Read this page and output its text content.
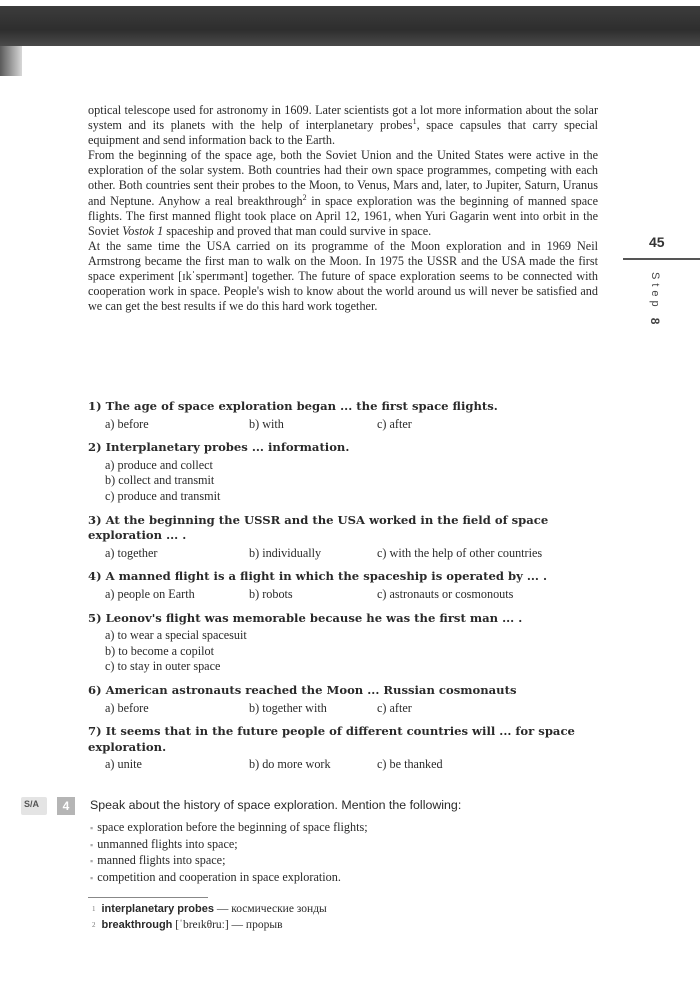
45
Step 8

optical telescope used for astronomy in 1609. Later scientists got a lot more information about the solar system and its planets with the help of interplanetary probes$^1$, space capsules that carry special equipment and send information back to the Earth.

From the beginning of the space age, both the Soviet Union and the United States were active in the exploration of the solar system. Both countries had their own space programmes, competing with each other. Both countries sent their probes to the Moon, to Venus, Mars and, later, to Jupiter, Saturn, Uranus and Neptune. Anyhow a real breakthrough$^2$ in space exploration was the beginning of manned space flights. The first manned flight took place on April 12, 1961, when Yuri Gagarin went into orbit in the Soviet Vostok 1 spaceship and proved that man could survive in space.

At the same time the USA carried on its programme of the Moon exploration and in 1969 Neil Armstrong became the first man to walk on the Moon. In 1975 the USSR and the USA made the first space experiment [ɪkˈsperɪmənt] together. The future of space exploration seems to be connected with cooperation work in space. People's wish to know about the world around us will never be satisfied and we can get the best results if we do this hard work together.

1) The age of space exploration began ... the first space flights.
a) before	b) with	c) after
2) Interplanetary probes ... information.
a) produce and collect
b) collect and transmit
c) produce and transmit
3) At the beginning the USSR and the USA worked in the field of space exploration ... .
a) together	b) individually	c) with the help of other countries
4) A manned flight is a flight in which the spaceship is operated by ... .
a) people on Earth	b) robots	c) astronauts or cosmonouts
5) Leonov's flight was memorable because he was the first man ... .
a) to wear a special spacesuit
b) to become a copilot
c) to stay in outer space
6) American astronauts reached the Moon ... Russian cosmonauts
a) before	b) together with	c) after
7) It seems that in the future people of different countries will ... for space exploration.
a) unite	b) do more work	c) be thanked
S/A	4	Speak about the history of space exploration. Mention the following:
▪ space exploration before the beginning of space flights;
▪ unmanned flights into space;
▪ manned flights into space;
▪ competition and cooperation in space exploration.
$^1$ interplanetary probes — космические зонды
$^2$ breakthrough [ˈbreɪkθruː] — прорыв
